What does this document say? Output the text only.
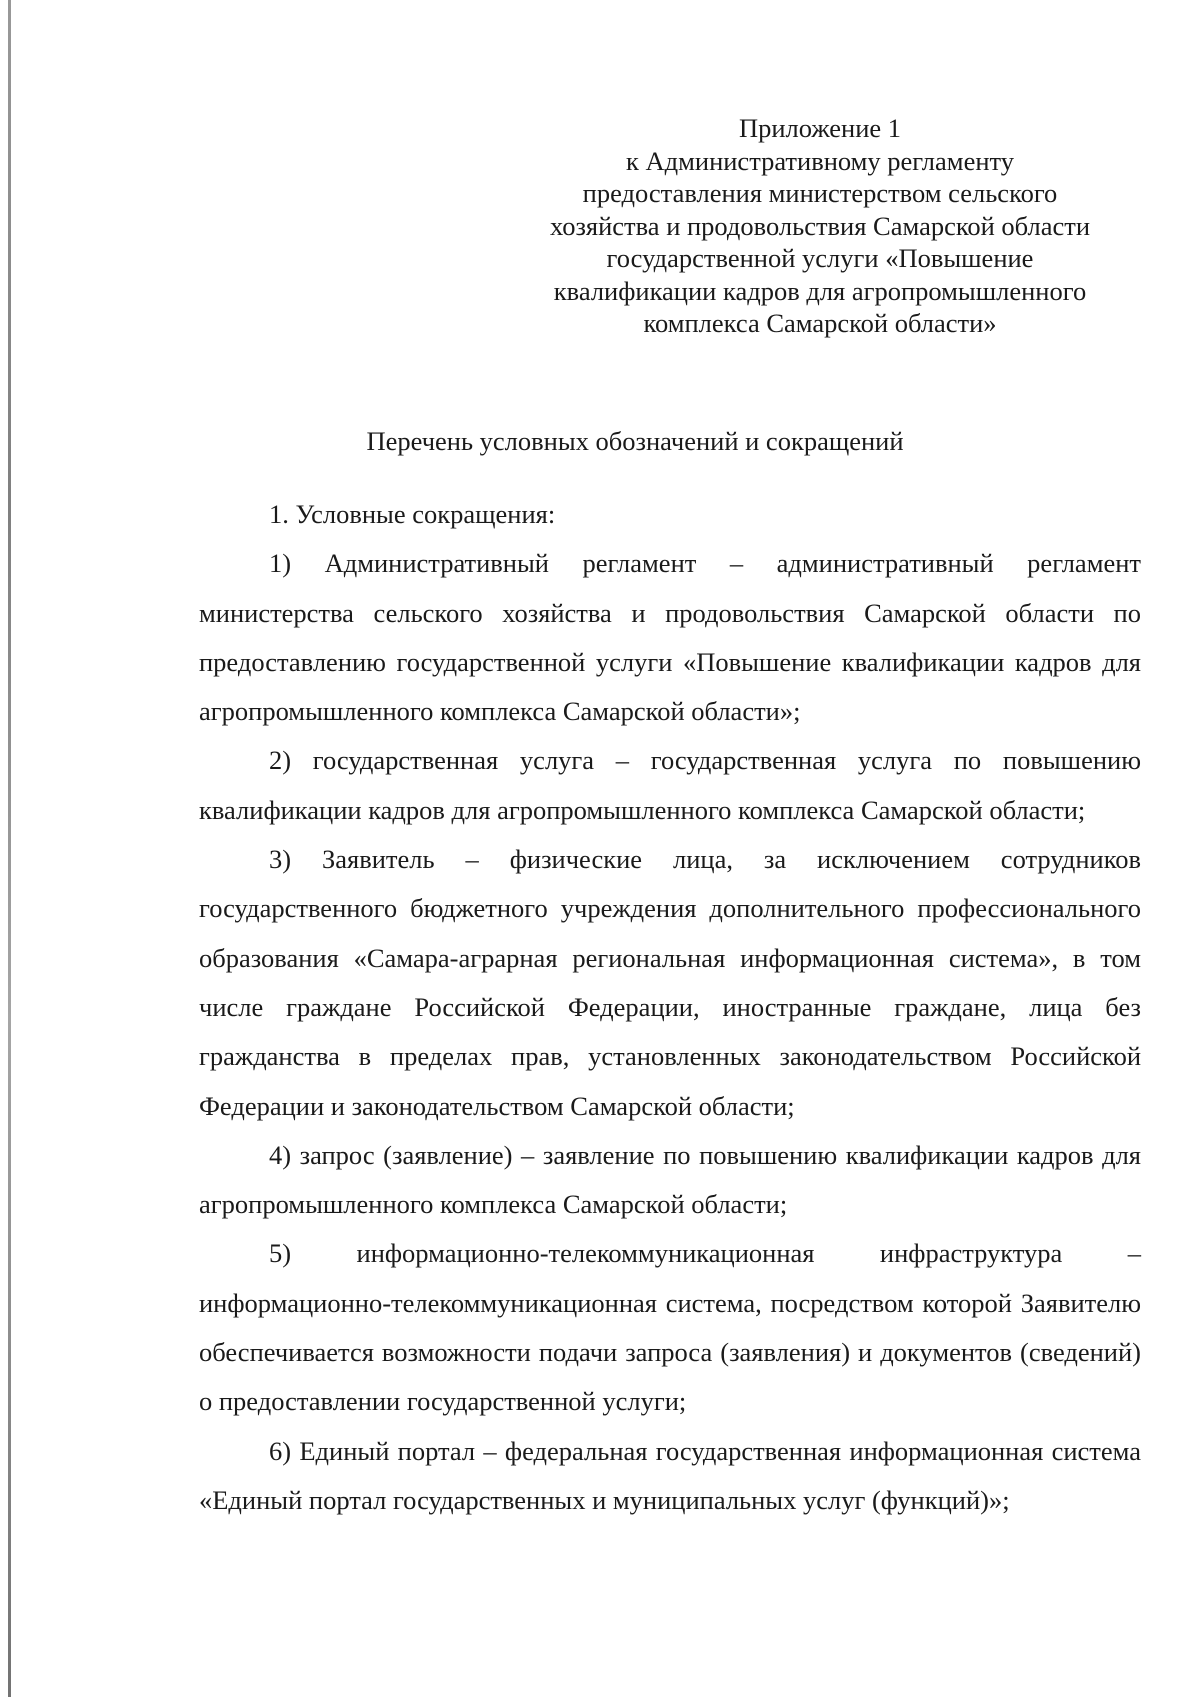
Приложение 1
к Административному регламенту
предоставления министерством сельского
хозяйства и продовольствия Самарской области
государственной услуги «Повышение
квалификации кадров для агропромышленного
комплекса Самарской области»
Перечень условных обозначений и сокращений

1. Условные сокращения:

1) Административный регламент – административный регламент министерства сельского хозяйства и продовольствия Самарской области по предоставлению государственной услуги «Повышение квалификации кадров для агропромышленного комплекса Самарской области»;

2) государственная услуга – государственная услуга по повышению квалификации кадров для агропромышленного комплекса Самарской области;

3) Заявитель – физические лица, за исключением сотрудников государственного бюджетного учреждения дополнительного профессионального образования «Самара-аграрная региональная информационная система», в том числе граждане Российской Федерации, иностранные граждане, лица без гражданства в пределах прав, установленных законодательством Российской Федерации и законодательством Самарской области;

4) запрос (заявление) – заявление по повышению квалификации кадров для агропромышленного комплекса Самарской области;

5) информационно-телекоммуникационная инфраструктура – информационно-телекоммуникационная система, посредством которой Заявителю обеспечивается возможности подачи запроса (заявления) и документов (сведений) о предоставлении государственной услуги;

6) Единый портал – федеральная государственная информационная система «Единый портал государственных и муниципальных услуг (функций)»;
